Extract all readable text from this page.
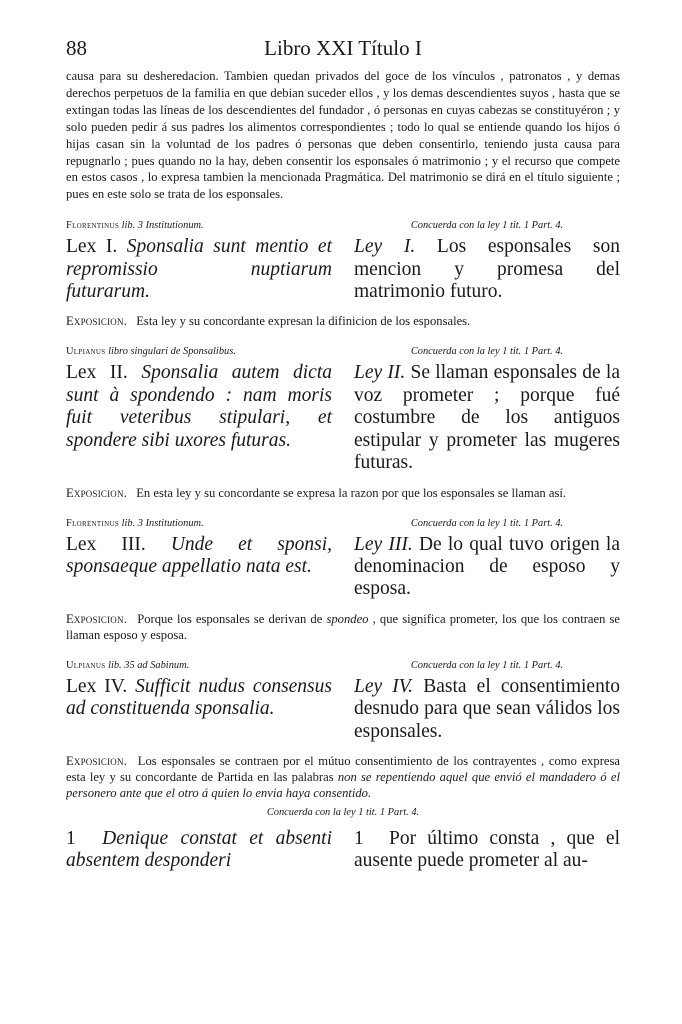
88	Libro XXI Título I

causa para su desheredacion. Tambien quedan privados del goce de los vínculos , patronatos , y demas derechos perpetuos de la familia en que debian suceder ellos , y los demas descendientes suyos , hasta que se extingan todas las líneas de los descendientes del fundador , ó personas en cuyas cabezas se constituyéron ; y solo pueden pedir á sus padres los alimentos correspondientes ; todo lo qual se entiende quando los hijos ó hijas casan sin la voluntad de los padres ó personas que deben consentirlo, teniendo justa causa para repugnarlo ; pues quando no la hay, deben consentir los esponsales ó matrimonio ; y el recurso que compete en estos casos , lo expresa tambien la mencionada Pragmática. Del matrimonio se dirá en el título siguiente ; pues en este solo se trata de los esponsales.

Florentinus lib. 3 Institutionum.

Lex I. Sponsalia sunt mentio et repromissio nuptiarum futurarum.

Concuerda con la ley 1 tit. 1 Part. 4.

Ley I. Los esponsales son mencion y promesa del matrimonio futuro.

Exposicion. Esta ley y su concordante expresan la difinicion de los esponsales.

Ulpianus libro singulari de Sponsalibus.

Lex II. Sponsalia autem dicta sunt à spondendo : nam moris fuit veteribus stipulari, et spondere sibi uxores futuras.

Concuerda con la ley 1 tit. 1 Part. 4.

Ley II. Se llaman esponsales de la voz prometer ; porque fué costumbre de los antiguos estipular y prometer las mugeres futuras.

Exposicion. En esta ley y su concordante se expresa la razon por que los esponsales se llaman así.

Florentinus lib. 3 Institutionum.

Lex III. Unde et sponsi, sponsaeque appellatio nata est.

Concuerda con la ley 1 tit. 1 Part. 4.

Ley III. De lo qual tuvo origen la denominacion de esposo y esposa.

Exposicion. Porque los esponsales se derivan de spondeo , que significa prometer, los que los contraen se llaman esposo y esposa.

Ulpianus lib. 35 ad Sabinum.

Lex IV. Sufficit nudus consensus ad constituenda sponsalia.

Concuerda con la ley 1 tit. 1 Part. 4.

Ley IV. Basta el consentimiento desnudo para que sean válidos los esponsales.

Exposicion. Los esponsales se contraen por el mútuo consentimiento de los contrayentes , como expresa esta ley y su concordante de Partida en las palabras non se repentiendo aquel que envió el mandadero ó el personero ante que el otro á quien lo envia haya consentido.

Concuerda con la ley 1 tit. 1 Part. 4.

1 Denique constat et absenti absentem desponderi

1 Por último consta , que el ausente puede prometer al au-
